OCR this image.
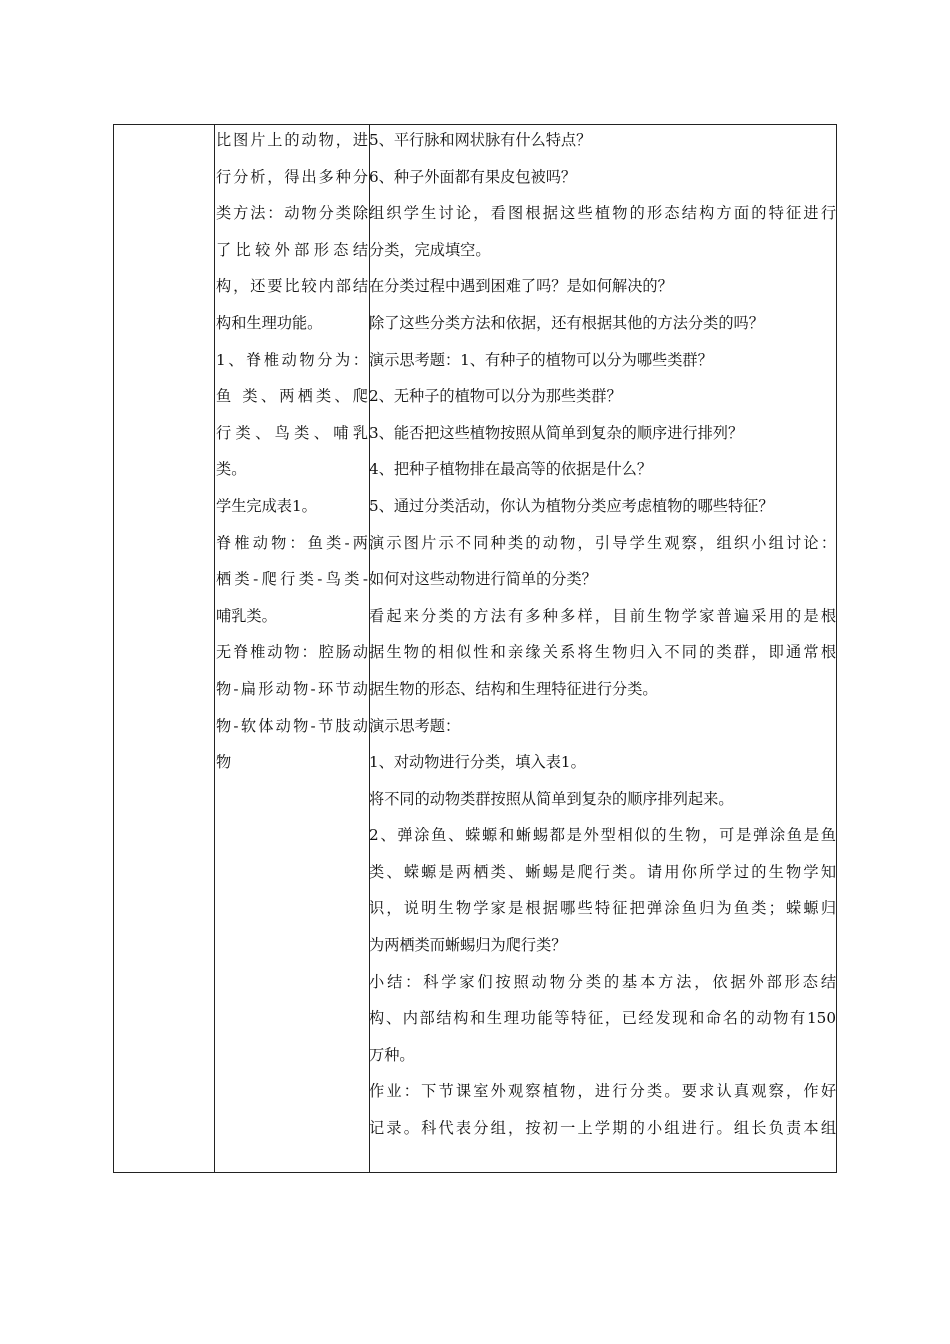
比图片上的动物，进
行分析，得出多种分
类方法：动物分类除
了比较外部形态结
构，还要比较内部结
构和生理功能。
1、脊椎动物分为：
鱼 类、两栖类、爬
行类、鸟类、哺乳
类。
学生完成表1。
脊椎动物：鱼类-两
栖类-爬行类-鸟类-
哺乳类。
无脊椎动物：腔肠动
物-扁形动物-环节动
物-软体动物-节肢动
物
5、平行脉和网状脉有什么特点？
6、种子外面都有果皮包被吗？
组织学生讨论，看图根据这些植物的形态结构方面的特征进行
分类，完成填空。
在分类过程中遇到困难了吗？是如何解决的？
除了这些分类方法和依据，还有根据其他的方法分类的吗？
演示思考题：1、有种子的植物可以分为哪些类群？
2、无种子的植物可以分为那些类群？
3、能否把这些植物按照从简单到复杂的顺序进行排列？
4、把种子植物排在最高等的依据是什么？
5、通过分类活动，你认为植物分类应考虑植物的哪些特征？
演示图片示不同种类的动物，引导学生观察，组织小组讨论：
如何对这些动物进行简单的分类？
看起来分类的方法有多种多样，目前生物学家普遍采用的是根
据生物的相似性和亲缘关系将生物归入不同的类群，即通常根
据生物的形态、结构和生理特征进行分类。
演示思考题：
1、对动物进行分类，填入表1。
将不同的动物类群按照从简单到复杂的顺序排列起来。
2、弹涂鱼、蝾螈和蜥蜴都是外型相似的生物，可是弹涂鱼是鱼
类、蝾螈是两栖类、蜥蜴是爬行类。请用你所学过的生物学知
识，说明生物学家是根据哪些特征把弹涂鱼归为鱼类；蝾螈归
为两栖类而蜥蜴归为爬行类？
小结：科学家们按照动物分类的基本方法，依据外部形态结
构、内部结构和生理功能等特征，已经发现和命名的动物有150
万种。
作业：下节课室外观察植物，进行分类。要求认真观察，作好
记录。科代表分组，按初一上学期的小组进行。组长负责本组
